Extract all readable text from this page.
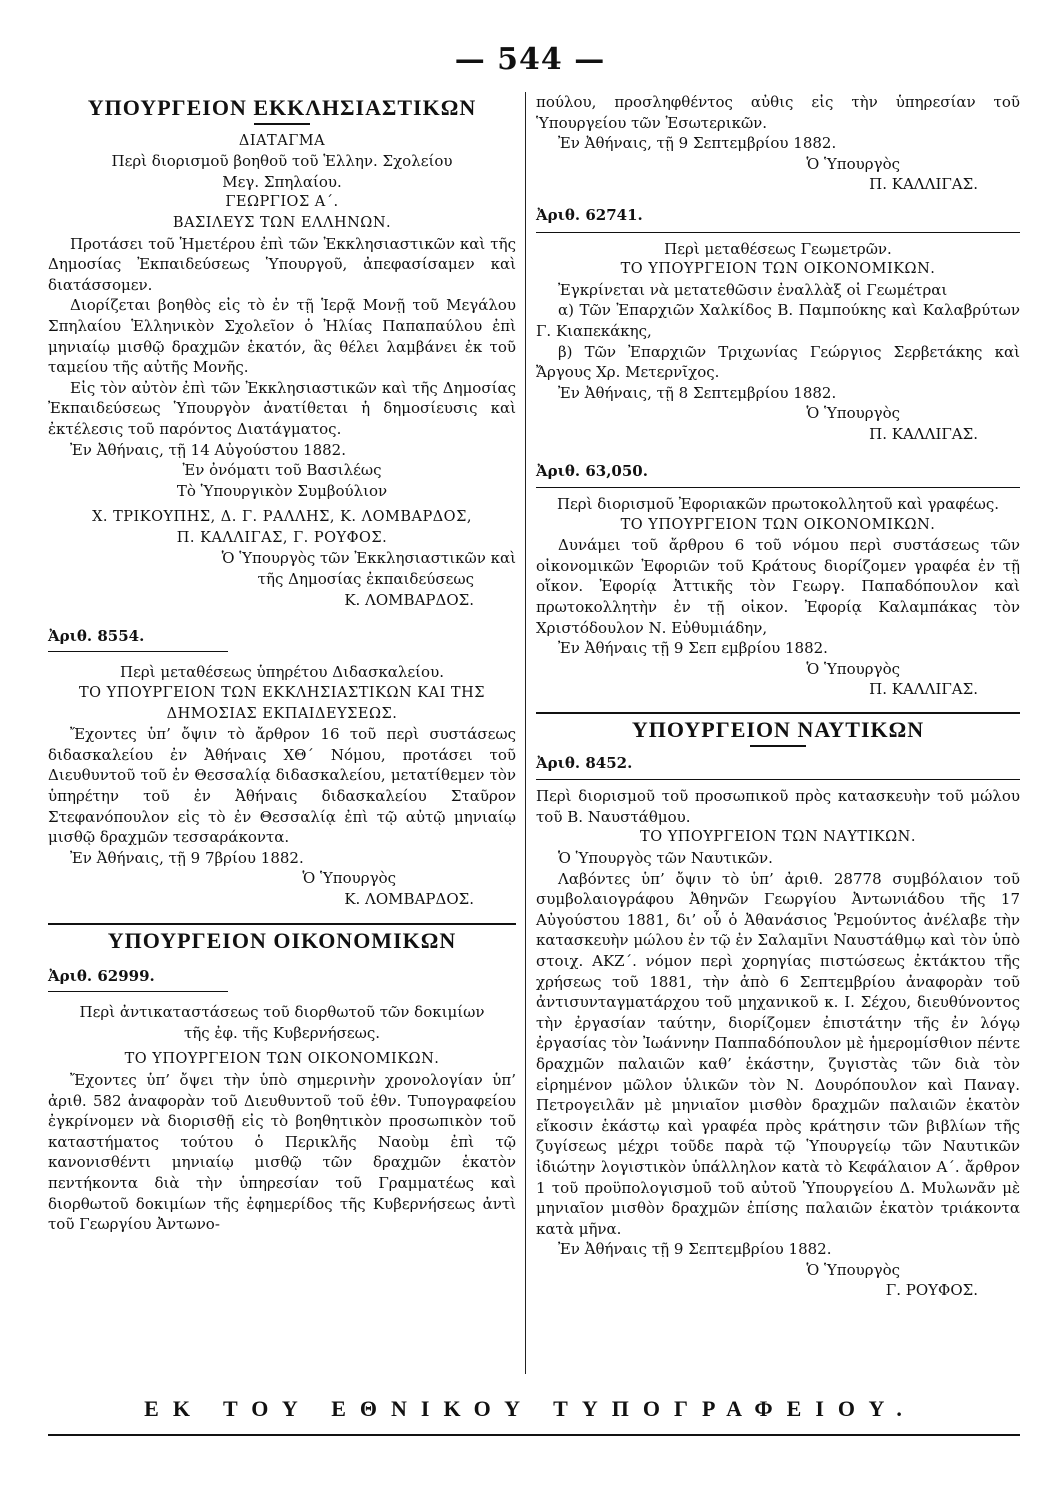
— 544 —
ΥΠΟΥΡΓΕΙΟΝ ΕΚΚΛΗΣΙΑΣΤΙΚΩΝ

ΔΙΑΤΑΓΜΑ

Περὶ διορισμοῦ βοηθοῦ τοῦ Ἑλλην. Σχολείου

Μεγ. Σπηλαίου.

ΓΕΩΡΓΙΟΣ Α΄.

ΒΑΣΙΛΕΥΣ ΤΩΝ ΕΛΛΗΝΩΝ.

Προτάσει τοῦ Ἡμετέρου ἐπὶ τῶν Ἐκκλησιαστικῶν καὶ τῆς Δημοσίας Ἐκπαιδεύσεως Ὑπουργοῦ, ἀπεφασίσαμεν καὶ διατάσσομεν.

Διορίζεται βοηθὸς εἰς τὸ ἐν τῇ Ἱερᾷ Μονῇ τοῦ Μεγάλου Σπηλαίου Ἑλληνικὸν Σχολεῖον ὁ Ἠλίας Παπαπαύλου ἐπὶ μηνιαίῳ μισθῷ δραχμῶν ἑκατόν, ἃς θέλει λαμβάνει ἐκ τοῦ ταμείου τῆς αὐτῆς Μονῆς.

Εἰς τὸν αὐτὸν ἐπὶ τῶν Ἐκκλησιαστικῶν καὶ τῆς Δημοσίας Ἐκπαιδεύσεως Ὑπουργὸν ἀνατίθεται ἡ δημοσίευσις καὶ ἐκτέλεσις τοῦ παρόντος Διατάγματος.

Ἐν Ἀθήναις, τῇ 14 Αὐγούστου 1882.

Ἐν ὀνόματι τοῦ Βασιλέως

Τὸ Ὑπουργικὸν Συμβούλιον

Χ. ΤΡΙΚΟΥΠΗΣ, Δ. Γ. ΡΑΛΛΗΣ, Κ. ΛΟΜΒΑΡΔΟΣ,

Π. ΚΑΛΛΙΓΑΣ, Γ. ΡΟΥΦΟΣ.

Ὁ Ὑπουργὸς τῶν Ἐκκλησιαστικῶν καὶ

τῆς Δημοσίας ἐκπαιδεύσεως

Κ. ΛΟΜΒΑΡΔΟΣ.

Ἀριθ. 8554.

Περὶ μεταθέσεως ὑπηρέτου Διδασκαλείου.

ΤΟ ΥΠΟΥΡΓΕΙΟΝ ΤΩΝ ΕΚΚΛΗΣΙΑΣΤΙΚΩΝ ΚΑΙ ΤΗΣ

ΔΗΜΟΣΙΑΣ ΕΚΠΑΙΔΕΥΣΕΩΣ.

Ἔχοντες ὑπ’ ὄψιν τὸ ἄρθρον 16 τοῦ περὶ συστάσεως διδασκαλείου ἐν Ἀθήναις ΧΘ΄ Νόμου, προτάσει τοῦ Διευθυντοῦ τοῦ ἐν Θεσσαλίᾳ διδασκαλείου, μετατίθεμεν τὸν ὑπηρέτην τοῦ ἐν Ἀθήναις διδασκαλείου Σταῦρον Στεφανόπουλον εἰς τὸ ἐν Θεσσαλίᾳ ἐπὶ τῷ αὐτῷ μηνιαίῳ μισθῷ δραχμῶν τεσσαράκοντα.

Ἐν Ἀθήναις, τῇ 9 7βρίου 1882.

Ὁ Ὑπουργὸς

Κ. ΛΟΜΒΑΡΔΟΣ.

ΥΠΟΥΡΓΕΙΟΝ ΟΙΚΟΝΟΜΙΚΩΝ

Ἀριθ. 62999.

Περὶ ἀντικαταστάσεως τοῦ διορθωτοῦ τῶν δοκιμίων

τῆς ἐφ. τῆς Κυβερνήσεως.

ΤΟ ΥΠΟΥΡΓΕΙΟΝ ΤΩΝ ΟΙΚΟΝΟΜΙΚΩΝ.

Ἔχοντες ὑπ’ ὄψει τὴν ὑπὸ σημερινὴν χρονολογίαν ὑπ’ ἀριθ. 582 ἀναφορὰν τοῦ Διευθυντοῦ τοῦ ἐθν. Τυπογραφείου ἐγκρίνομεν νὰ διορισθῇ εἰς τὸ βοηθητικὸν προσωπικὸν τοῦ καταστήματος τούτου ὁ Περικλῆς Ναοὺμ ἐπὶ τῷ κανονισθέντι μηνιαίῳ μισθῷ τῶν δραχμῶν ἑκατὸν πεντήκοντα διὰ τὴν ὑπηρεσίαν τοῦ Γραμματέως καὶ διορθωτοῦ δοκιμίων τῆς ἐφημερίδος τῆς Κυβερνήσεως ἀντὶ τοῦ Γεωργίου Ἀντωνο-

πούλου, προσληφθέντος αὐθις εἰς τὴν ὑπηρεσίαν τοῦ Ὑπουργείου τῶν Ἐσωτερικῶν.

Ἐν Ἀθήναις, τῇ 9 Σεπτεμβρίου 1882.

Ὁ Ὑπουργὸς

Π. ΚΑΛΛΙΓΑΣ.

Ἀριθ. 62741.

Περὶ μεταθέσεως Γεωμετρῶν.

ΤΟ ΥΠΟΥΡΓΕΙΟΝ ΤΩΝ ΟΙΚΟΝΟΜΙΚΩΝ.

Ἐγκρίνεται νὰ μετατεθῶσιν ἐναλλὰξ οἱ Γεωμέτραι

α) Τῶν Ἐπαρχιῶν Χαλκίδος Β. Παμπούκης καὶ Καλαβρύτων Γ. Κιαπεκάκης,

β) Τῶν Ἐπαρχιῶν Τριχωνίας Γεώργιος Σερβετάκης καὶ Ἄργους Χρ. Μετερνῖχος.

Ἐν Ἀθήναις, τῇ 8 Σεπτεμβρίου 1882.

Ὁ Ὑπουργὸς

Π. ΚΑΛΛΙΓΑΣ.

Ἀριθ. 63,050.

Περὶ διορισμοῦ Ἐφοριακῶν πρωτοκολλητοῦ καὶ γραφέως.

ΤΟ ΥΠΟΥΡΓΕΙΟΝ ΤΩΝ ΟΙΚΟΝΟΜΙΚΩΝ.

Δυνάμει τοῦ ἄρθρου 6 τοῦ νόμου περὶ συστάσεως τῶν οἰκονομικῶν Ἐφοριῶν τοῦ Κράτους διορίζομεν γραφέα ἐν τῇ οἴκον. Ἐφορίᾳ Ἀττικῆς τὸν Γεωργ. Παπαδόπουλον καὶ πρωτοκολλητὴν ἐν τῇ οἰκον. Ἐφορίᾳ Καλαμπάκας τὸν Χριστόδουλον Ν. Εὐθυμιάδην,

Ἐν Ἀθήναις τῇ 9 Σεπ εμβρίου 1882.

Ὁ Ὑπουργὸς

Π. ΚΑΛΛΙΓΑΣ.

ΥΠΟΥΡΓΕΙΟΝ ΝΑΥΤΙΚΩΝ

Ἀριθ. 8452.

Περὶ διορισμοῦ τοῦ προσωπικοῦ πρὸς κατασκευὴν τοῦ μώλου τοῦ Β. Ναυστάθμου.

ΤΟ ΥΠΟΥΡΓΕΙΟΝ ΤΩΝ ΝΑΥΤΙΚΩΝ.

Ὁ Ὑπουργὸς τῶν Ναυτικῶν.

Λαβόντες ὑπ’ ὄψιν τὸ ὑπ’ ἀριθ. 28778 συμβόλαιον τοῦ συμβολαιογράφου Ἀθηνῶν Γεωργίου Ἀντωνιάδου τῆς 17 Αὐγούστου 1881, δι’ οὗ ὁ Ἀθανάσιος Ῥεμούντος ἀνέλαβε τὴν κατασκευὴν μώλου ἐν τῷ ἐν Σαλαμῖνι Ναυστάθμῳ καὶ τὸν ὑπὸ στοιχ. ΑΚΖ΄. νόμον περὶ χορηγίας πιστώσεως ἐκτάκτου τῆς χρήσεως τοῦ 1881, τὴν ἀπὸ 6 Σεπτεμβρίου ἀναφορὰν τοῦ ἀντισυνταγματάρχου τοῦ μηχανικοῦ κ. Ι. Σέχου, διευθύνοντος τὴν ἐργασίαν ταύτην, διορίζομεν ἐπιστάτην τῆς ἐν λόγῳ ἐργασίας τὸν Ἰωάννην Παππαδόπουλον μὲ ἡμερομίσθιον πέντε δραχμῶν παλαιῶν καθ’ ἑκάστην, ζυγιστὰς τῶν διὰ τὸν εἰρημένον μῶλον ὑλικῶν τὸν Ν. Δουρόπουλον καὶ Παναγ. Πετρογειλᾶν μὲ μηνιαῖον μισθὸν δραχμῶν παλαιῶν ἑκατὸν εἴκοσιν ἑκάστῳ καὶ γραφέα πρὸς κράτησιν τῶν βιβλίων τῆς ζυγίσεως μέχρι τοῦδε παρὰ τῷ Ὑπουργείῳ τῶν Ναυτικῶν ἰδιώτην λογιστικὸν ὑπάλληλον κατὰ τὸ Κεφάλαιον Α΄. ἄρθρον 1 τοῦ προϋπολογισμοῦ τοῦ αὐτοῦ Ὑπουργείου Δ. Μυλωνᾶν μὲ μηνιαῖον μισθὸν δραχμῶν ἐπίσης παλαιῶν ἑκατὸν τριάκοντα κατὰ μῆνα.

Ἐν Ἀθήναις τῇ 9 Σεπτεμβρίου 1882.

Ὁ Ὑπουργὸς

Γ. ΡΟΥΦΟΣ.

ΕΚ ΤΟΥ ΕΘΝΙΚΟΥ ΤΥΠΟΓΡΑΦΕΙΟΥ.
